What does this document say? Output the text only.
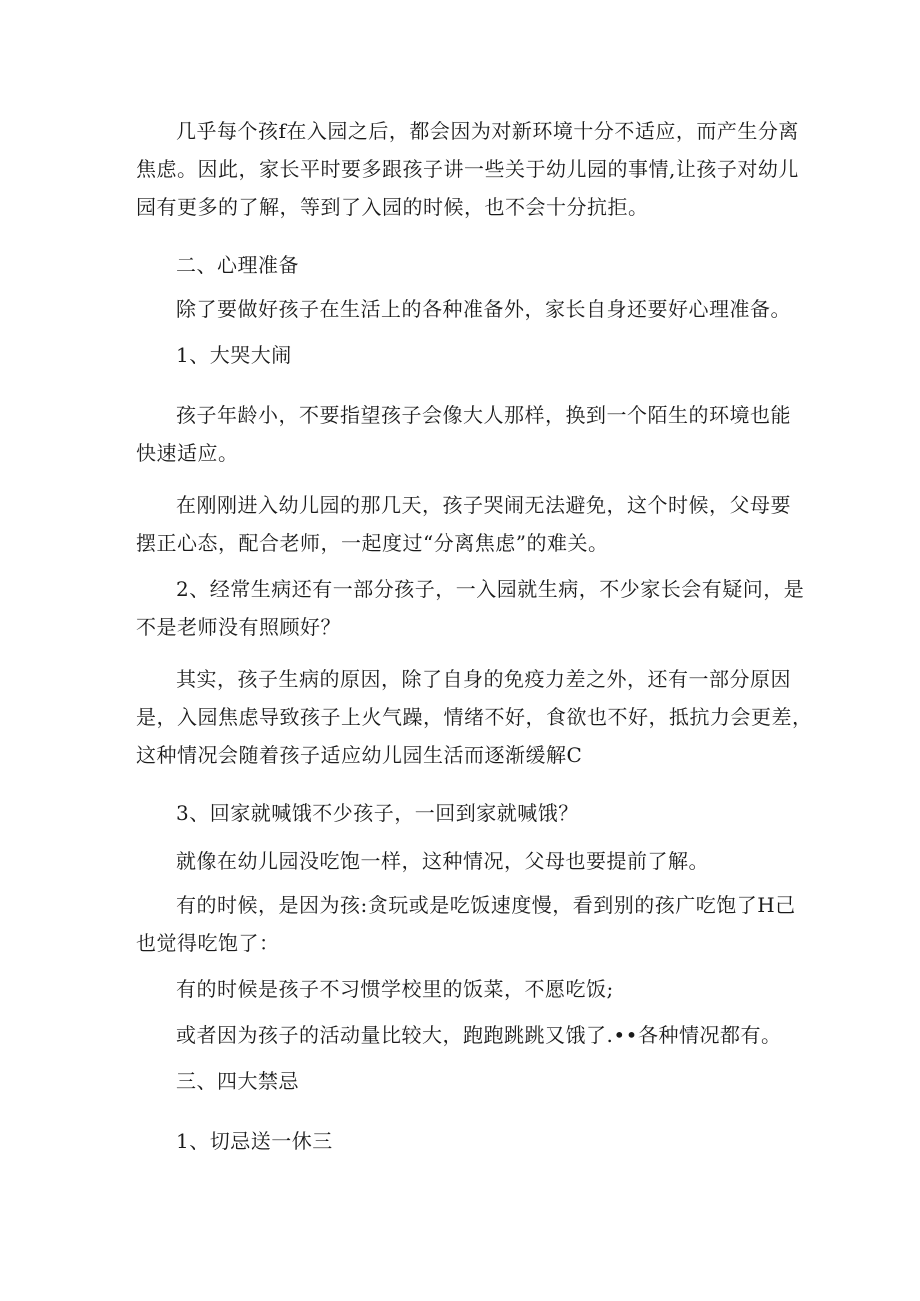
几乎每个孩f在入园之后，都会因为对新环境十分不适应，而产生分离
焦虑。因此，家长平时要多跟孩子讲一些关于幼儿园的事情,让孩子对幼儿
园有更多的了解，等到了入园的时候，也不会十分抗拒。

二、心理准备

除了要做好孩子在生活上的各种准备外，家长自身还要好心理准备。

1、大哭大闹

孩子年龄小，不要指望孩子会像大人那样，换到一个陌生的环境也能
快速适应。

在刚刚进入幼儿园的那几天，孩子哭闹无法避免，这个时候，父母要
摆正心态，配合老师，一起度过“分离焦虑”的难关。

2、经常生病还有一部分孩子，一入园就生病，不少家长会有疑问，是
不是老师没有照顾好？

其实，孩子生病的原因，除了自身的免疫力差之外，还有一部分原因
是，入园焦虑导致孩子上火气躁，情绪不好，食欲也不好，抵抗力会更差，
这种情况会随着孩子适应幼儿园生活而逐渐缓解C

3、回家就喊饿不少孩子，一回到家就喊饿？

就像在幼儿园没吃饱一样，这种情况，父母也要提前了解。

有的时候，是因为孩:贪玩或是吃饭速度慢，看到别的孩广吃饱了H己
也觉得吃饱了：

有的时候是孩子不习惯学校里的饭菜，不愿吃饭;

或者因为孩子的活动量比较大，跑跑跳跳又饿了.••各种情况都有。

三、四大禁忌

1、切忌送一休三
